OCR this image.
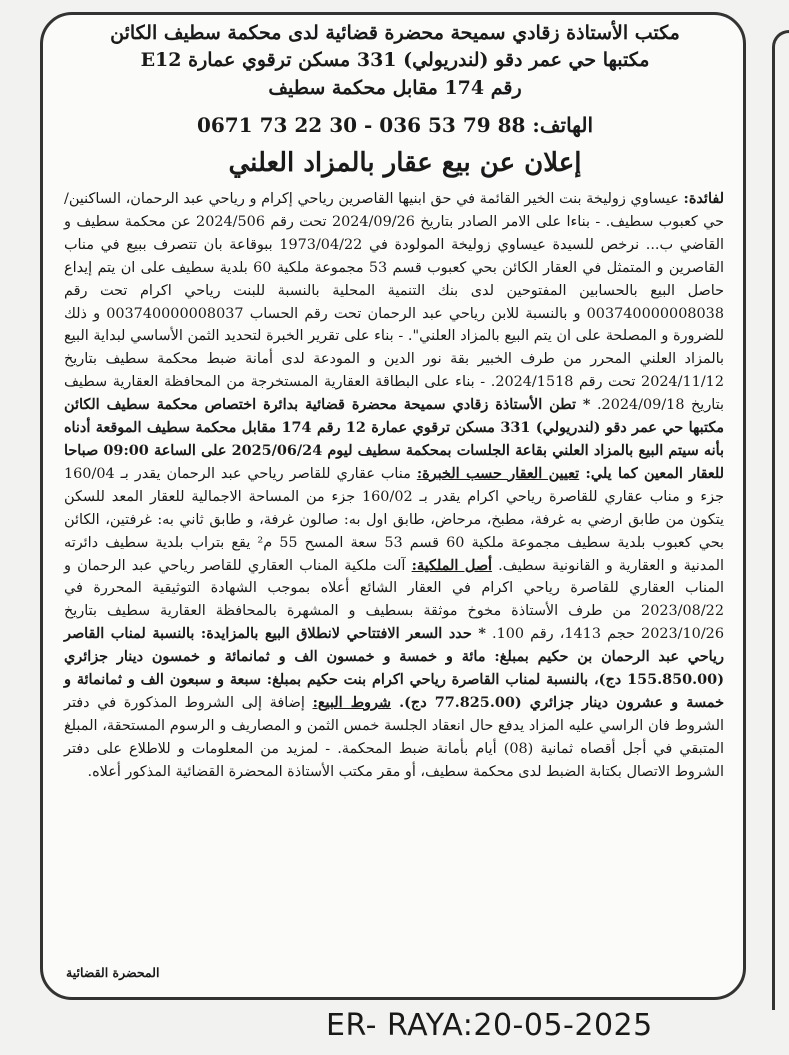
مكتب الأستاذة زقادي سميحة محضرة قضائية لدى محكمة سطيف الكائن
مكتبها حي عمر دقو (لندريولي) 331 مسكن ترقوي عمارة E12
رقم 174 مقابل محكمة سطيف
الهاتف: 88 79 53 036 - 30 22 73 0671
إعلان عن بيع عقار بالمزاد العلني
لفائدة: عيساوي زوليخة بنت الخير القائمة في حق ابنيها القاصرين رياحي إكرام و رياحي عبد الرحمان، الساكنين/ حي كعبوب سطيف. - بناءا على الامر الصادر بتاريخ 2024/09/26 تحت رقم 2024/506 عن محكمة سطيف و القاضي ب... نرخص للسيدة عيساوي زوليخة المولودة في 1973/04/22 ببوقاعة بان تتصرف ببيع في مناب القاصرين و المتمثل في العقار الكائن بحي كعبوب قسم 53 مجموعة ملكية 60 بلدية سطيف على ان يتم إيداع حاصل البيع بالحسابين المفتوحين لدى بنك التنمية المحلية بالنسبة للبنت رياحي اكرام تحت رقم 003740000008038 و بالنسبة للابن رياحي عبد الرحمان تحت رقم الحساب 003740000008037 و ذلك للضرورة و المصلحة على ان يتم البيع بالمزاد العلني". - بناء على تقرير الخبرة لتحديد الثمن الأساسي لبداية البيع بالمزاد العلني المحرر من طرف الخبير بقة نور الدين و المودعة لدى أمانة ضبط محكمة سطيف بتاريخ 2024/11/12 تحت رقم 2024/1518. - بناء على البطاقة العقارية المستخرجة من المحافظة العقارية سطيف بتاريخ 2024/09/18. * تطن الأستاذة زقادي سميحة محضرة قضائية بدائرة اختصاص محكمة سطيف الكائن مكتبها حي عمر دقو (لندريولي) 331 مسكن ترقوي عمارة 12 رقم 174 مقابل محكمة سطيف الموقعة أدناه بأنه سيتم البيع بالمزاد العلني بقاعة الجلسات بمحكمة سطيف ليوم 2025/06/24 على الساعة 09:00 صباحا للعقار المعين كما يلي: تعيين العقار حسب الخبرة: مناب عقاري للقاصر رياحي عبد الرحمان يقدر بـ 160/04 جزء و مناب عقاري للقاصرة رياحي اكرام يقدر بـ 160/02 جزء من المساحة الاجمالية للعقار المعد للسكن يتكون من طابق ارضي به غرفة، مطبخ، مرحاض، طابق اول به: صالون غرفة، و طابق ثاني به: غرفتين، الكائن بحي كعبوب بلدية سطيف مجموعة ملكية 60 قسم 53 سعة المسح 55 م² يقع بتراب بلدية سطيف دائرته المدنية و العقارية و القانونية سطيف. أصل الملكية: آلت ملكية المناب العقاري للقاصر رياحي عبد الرحمان و المناب العقاري للقاصرة رياحي اكرام في العقار الشائع أعلاه بموجب الشهادة التوثيقية المحررة في 2023/08/22 من طرف الأستاذة مخوخ موثقة بسطيف و المشهرة بالمحافظة العقارية سطيف بتاريخ 2023/10/26 حجم 1413، رقم 100. * حدد السعر الافتتاحي لانطلاق البيع بالمزايدة: بالنسبة لمناب القاصر رياحي عبد الرحمان بن حكيم بمبلغ: مائة و خمسة و خمسون الف و ثمانمائة و خمسون دينار جزائري (155.850.00 دج)، بالنسبة لمناب القاصرة رياحي اكرام بنت حكيم بمبلغ: سبعة و سبعون الف و ثمانمائة و خمسة و عشرون دينار جزائري (77.825.00 دج). شروط البيع: إضافة إلى الشروط المذكورة في دفتر الشروط فان الراسي عليه المزاد يدفع حال انعقاد الجلسة خمس الثمن و المصاريف و الرسوم المستحقة، المبلغ المتبقي في أجل أقصاه ثمانية (08) أيام بأمانة ضبط المحكمة. - لمزيد من المعلومات و للاطلاع على دفتر الشروط الاتصال بكتابة الضبط لدى محكمة سطيف، أو مقر مكتب الأستاذة المحضرة القضائية المذكور أعلاه.
المحضرة القضائية
ER- RAYA:20-05-2025
